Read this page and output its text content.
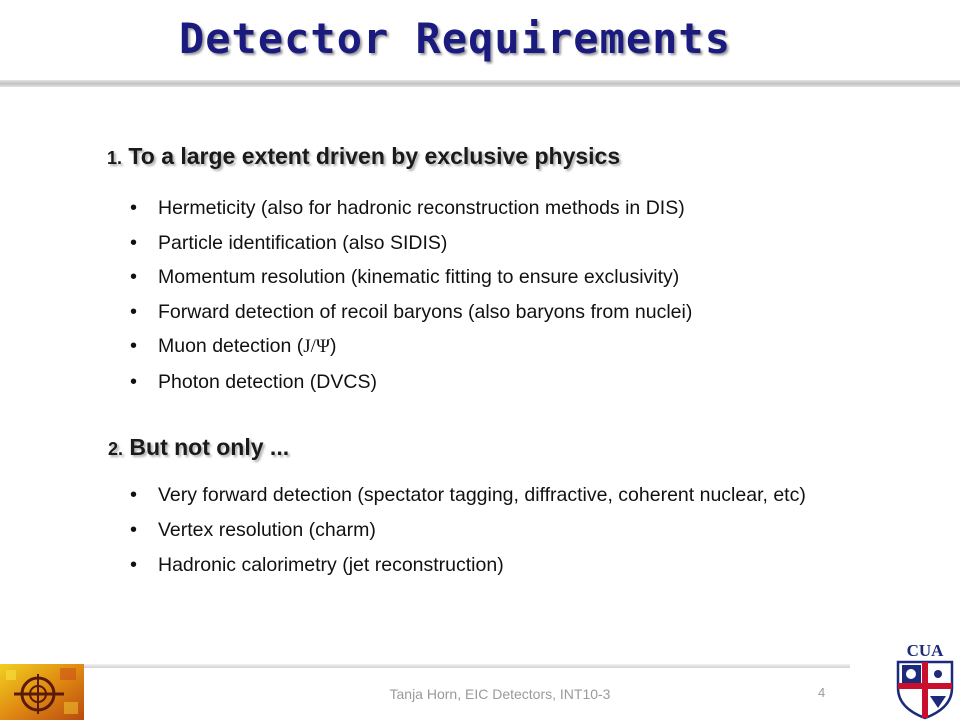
Detector Requirements
1. To a large extent driven by exclusive physics
• Hermeticity (also for hadronic reconstruction methods in DIS)
• Particle identification (also SIDIS)
• Momentum resolution (kinematic fitting to ensure exclusivity)
• Forward detection of recoil baryons (also baryons from nuclei)
• Muon detection (J/Ψ)
• Photon detection (DVCS)
2. But not only ...
• Very forward detection (spectator tagging, diffractive, coherent nuclear, etc)
• Vertex resolution (charm)
• Hadronic calorimetry (jet reconstruction)
Tanja Horn, EIC Detectors, INT10-3	4
CUA
